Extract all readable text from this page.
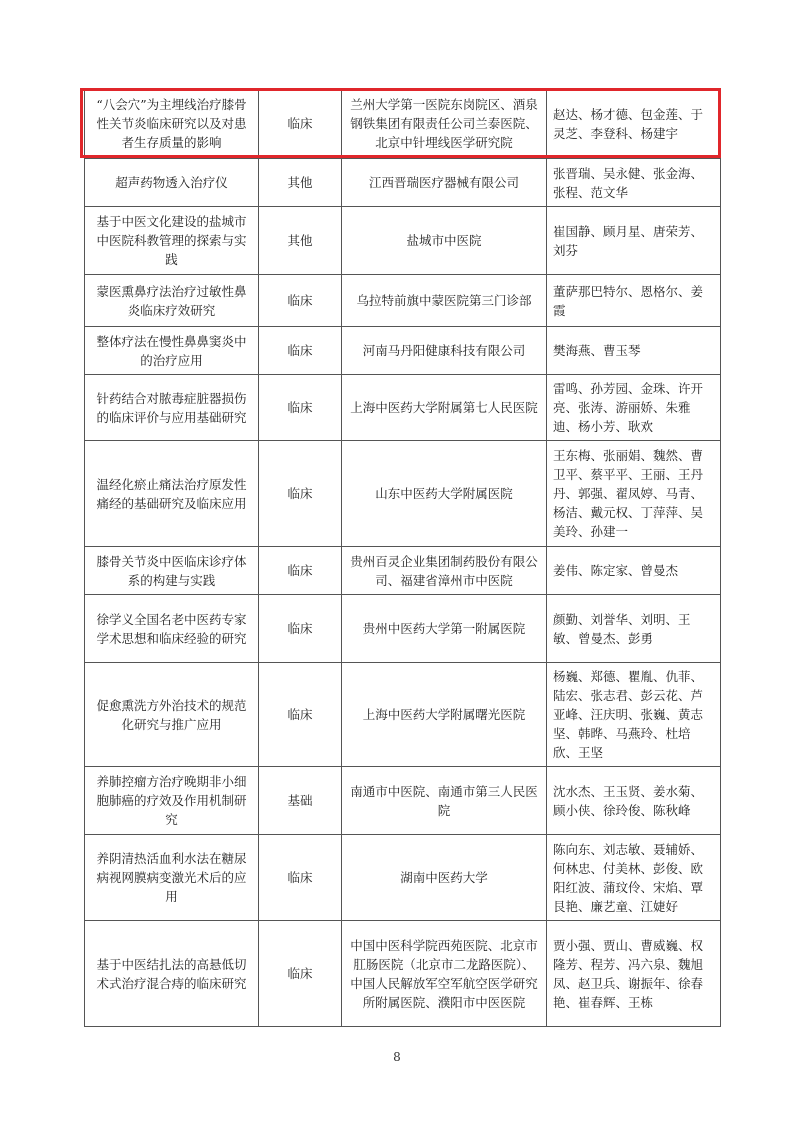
“八会穴”为主埋线治疗膝骨性关节炎临床研究以及对患者生存质量的影响	临床	兰州大学第一医院东岗院区、酒泉钢铁集团有限责任公司兰泰医院、北京中针埋线医学研究院	赵达、杨才德、包金莲、于灵芝、李登科、杨建宇
超声药物透入治疗仪	其他	江西晋瑞医疗器械有限公司	张晋瑞、吴永健、张金海、张程、范文华
基于中医文化建设的盐城市中医院科教管理的探索与实践	其他	盐城市中医院	崔国静、顾月星、唐荣芳、刘芬
蒙医熏鼻疗法治疗过敏性鼻炎临床疗效研究	临床	乌拉特前旗中蒙医院第三门诊部	董萨那巴特尔、恩格尔、姜霞
整体疗法在慢性鼻鼻窦炎中的治疗应用	临床	河南马丹阳健康科技有限公司	樊海燕、曹玉琴
针药结合对脓毒症脏器损伤的临床评价与应用基础研究	临床	上海中医药大学附属第七人民医院	雷鸣、孙芳园、金珠、许开亮、张涛、游丽娇、朱雅迪、杨小芳、耿欢
温经化瘀止痛法治疗原发性痛经的基础研究及临床应用	临床	山东中医药大学附属医院	王东梅、张丽娟、魏然、曹卫平、蔡平平、王丽、王丹丹、郭强、翟凤婷、马青、杨洁、戴元权、丁萍萍、吴美玲、孙建一
膝骨关节炎中医临床诊疗体系的构建与实践	临床	贵州百灵企业集团制药股份有限公司、福建省漳州市中医院	姜伟、陈定家、曾曼杰
徐学义全国名老中医药专家学术思想和临床经验的研究	临床	贵州中医药大学第一附属医院	颜勤、刘誉华、刘明、王敏、曾曼杰、彭勇
促愈熏洗方外治技术的规范化研究与推广应用	临床	上海中医药大学附属曙光医院	杨巍、郑德、瞿胤、仇菲、陆宏、张志君、彭云花、芦亚峰、汪庆明、张巍、黄志坚、韩晔、马燕玲、杜培欣、王坚
养肺控瘤方治疗晚期非小细胞肺癌的疗效及作用机制研究	基础	南通市中医院、南通市第三人民医院	沈水杰、王玉贤、姜水菊、顾小侠、徐玲俊、陈秋峰
养阴清热活血利水法在糖尿病视网膜病变激光术后的应用	临床	湖南中医药大学	陈向东、刘志敏、聂辅娇、何林忠、付美林、彭俊、欧阳红波、蒲玟伶、宋焰、覃艮艳、廉艺童、江婕好
基于中医结扎法的高悬低切术式治疗混合痔的临床研究	临床	中国中医科学院西苑医院、北京市肛肠医院（北京市二龙路医院）、中国人民解放军空军航空医学研究所附属医院、濮阳市中医医院	贾小强、贾山、曹威巍、权隆芳、程芳、冯六泉、魏旭凤、赵卫兵、谢振年、徐春艳、崔春辉、王栋
8
